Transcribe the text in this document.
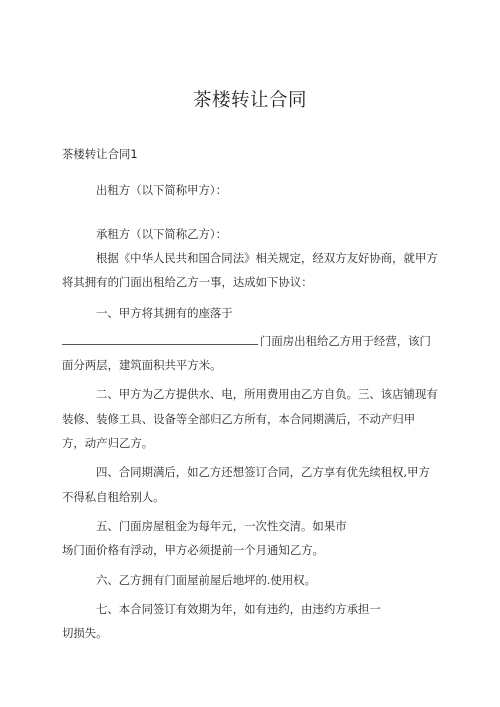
茶楼转让合同
茶楼转让合同1
出租方（以下简称甲方）：
承租方（以下简称乙方）：
根据《中华人民共和国合同法》相关规定，经双方友好协商，就甲方
将其拥有的门面出租给乙方一事，达成如下协议：
一、甲方将其拥有的座落于
门面房出租给乙方用于经营，该门
面分两层，建筑面积共平方米。
二、甲方为乙方提供水、电，所用费用由乙方自负。三、该店铺现有
装修、装修工具、设备等全部归乙方所有，本合同期满后，不动产归甲
方，动产归乙方。
四、合同期满后，如乙方还想签订合同，乙方享有优先续租权,甲方
不得私自租给别人。
五、门面房屋租金为每年元，一次性交清。如果市
场门面价格有浮动，甲方必须提前一个月通知乙方。
六、乙方拥有门面屋前屋后地坪的.使用权。
七、本合同签订有效期为年，如有违约，由违约方承担一
切损失。
